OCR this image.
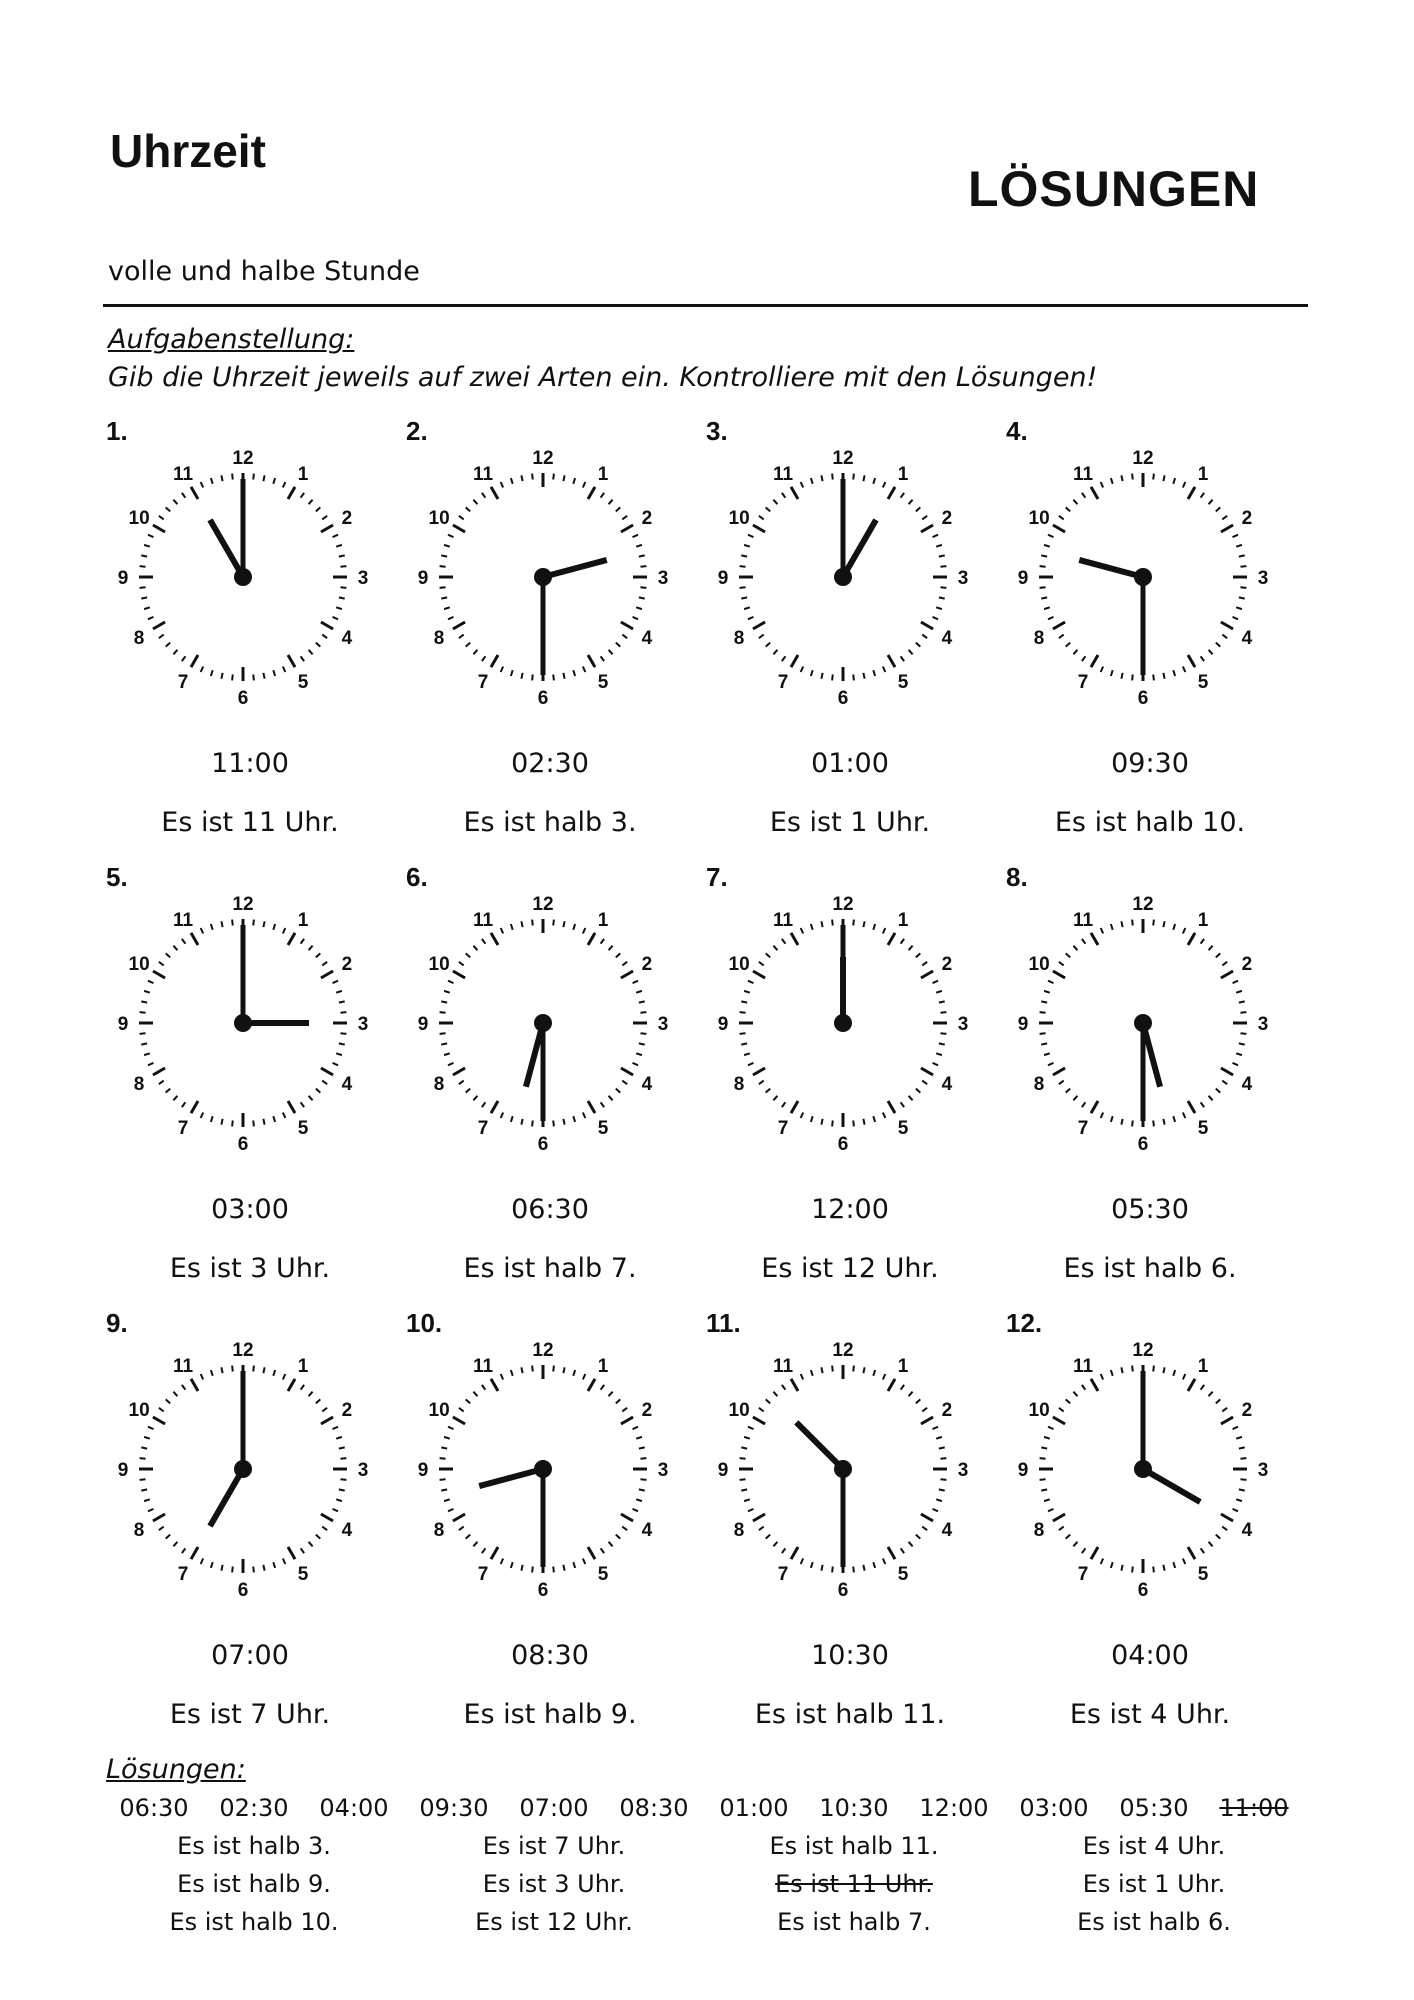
Uhrzeit
LÖSUNGEN
volle und halbe Stunde
Aufgabenstellung:
Gib die Uhrzeit jeweils auf zwei Arten ein. Kontrolliere mit den Lösungen!
1.
1
2
3
4
5
6
7
8
9
10
11
12
11:00
Es ist 11 Uhr.
2.
1
2
3
4
5
6
7
8
9
10
11
12
02:30
Es ist halb 3.
3.
1
2
3
4
5
6
7
8
9
10
11
12
01:00
Es ist 1 Uhr.
4.
1
2
3
4
5
6
7
8
9
10
11
12
09:30
Es ist halb 10.
5.
1
2
3
4
5
6
7
8
9
10
11
12
03:00
Es ist 3 Uhr.
6.
1
2
3
4
5
6
7
8
9
10
11
12
06:30
Es ist halb 7.
7.
1
2
3
4
5
6
7
8
9
10
11
12
12:00
Es ist 12 Uhr.
8.
1
2
3
4
5
6
7
8
9
10
11
12
05:30
Es ist halb 6.
9.
1
2
3
4
5
6
7
8
9
10
11
12
07:00
Es ist 7 Uhr.
10.
1
2
3
4
5
6
7
8
9
10
11
12
08:30
Es ist halb 9.
11.
1
2
3
4
5
6
7
8
9
10
11
12
10:30
Es ist halb 11.
12.
1
2
3
4
5
6
7
8
9
10
11
12
04:00
Es ist 4 Uhr.
Lösungen:
06:30	02:30	04:00	09:30	07:00	08:30	01:00	10:30	12:00	03:00	05:30	11:00
Es ist halb 3.	Es ist 7 Uhr.	Es ist halb 11.	Es ist 4 Uhr.
Es ist halb 9.	Es ist 3 Uhr.	Es ist 11 Uhr.	Es ist 1 Uhr.
Es ist halb 10.	Es ist 12 Uhr.	Es ist halb 7.	Es ist halb 6.
